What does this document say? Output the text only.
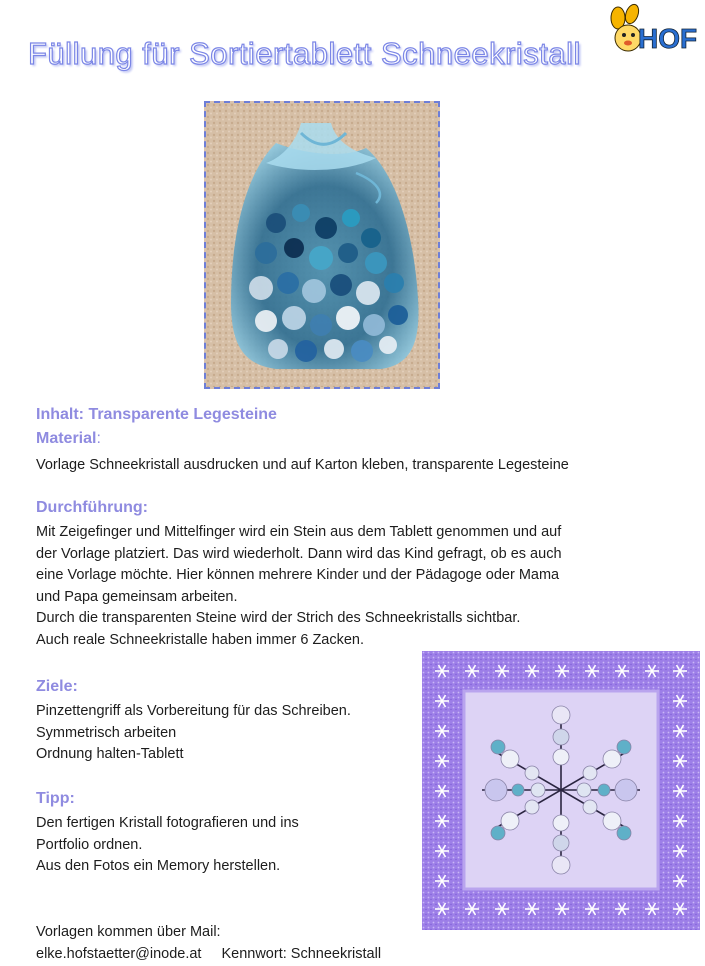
Füllung für Sortiertablett Schneekristall HOF
Inhalt: Transparente Legesteine
Material:
Vorlage Schneekristall ausdrucken und auf Karton kleben, transparente Legesteine
Durchführung:
Mit Zeigefinger und Mittelfinger wird ein Stein aus dem Tablett genommen und auf
der Vorlage platziert. Das wird wiederholt. Dann wird das Kind gefragt, ob es auch
eine Vorlage möchte. Hier können mehrere Kinder und der Pädagoge oder Mama
und Papa gemeinsam arbeiten.
Durch die transparenten Steine wird der Strich des Schneekristalls sichtbar.
Auch reale Schneekristalle haben immer 6 Zacken.
Ziele:
Pinzettengriff als Vorbereitung für das Schreiben.
Symmetrisch arbeiten
Ordnung halten-Tablett
Tipp:
Den fertigen Kristall fotografieren und ins
Portfolio ordnen.
Aus den Fotos ein Memory herstellen.
Vorlagen kommen über Mail:
elke.hofstaetter@inode.at Kennwort: Schneekristall
